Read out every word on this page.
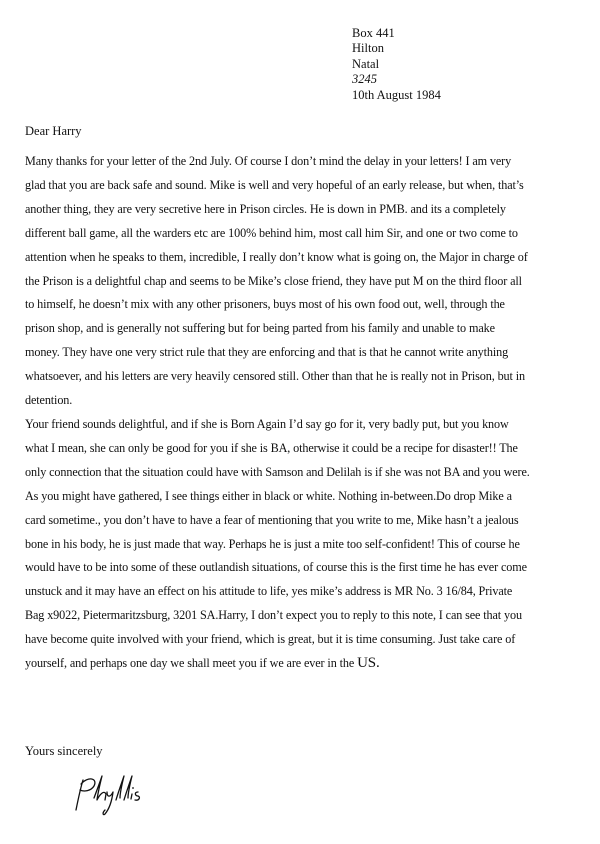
Box 441
Hilton
Natal
3245
10th August 1984
Dear Harry
Many thanks for your letter of the 2nd July. Of course I don’t mind the delay in your letters! I am very
glad that you are back safe and sound. Mike is well and very hopeful of an early release, but when, that’s
another thing, they are very secretive here in Prison circles. He is down in PMB. and its a completely
different ball game, all the warders etc are 100% behind him, most call him Sir, and one or two come to
attention when he speaks to them, incredible, I really don’t know what is going on, the Major in charge of
the Prison is a delightful chap and seems to be Mike’s close friend, they have put M on the third floor all
to himself, he doesn’t mix with any other prisoners, buys most of his own food out, well, through the
prison shop, and is generally not suffering but for being parted from his family and unable to make
money. They have one very strict rule that they are enforcing and that is that he cannot write anything
whatsoever, and his letters are very heavily censored still. Other than that he is really not in Prison, but in
detention.
Your friend sounds delightful, and if she is Born Again I’d say go for it, very badly put, but you know
what I mean, she can only be good for you if she is BA, otherwise it could be a recipe for disaster!! The
only connection that the situation could have with Samson and Delilah is if she was not BA and you were.
As you might have gathered, I see things either in black or white. Nothing in-between.Do drop Mike a
card sometime., you don’t have to have a fear of mentioning that you write to me, Mike hasn’t a jealous
bone in his body, he is just made that way. Perhaps he is just a mite too self-confident! This of course he
would have to be into some of these outlandish situations, of course this is the first time he has ever come
unstuck and it may have an effect on his attitude to life, yes mike’s address is MR No. 3 16/84, Private
Bag x9022, Pietermaritzsburg, 3201 SA.Harry, I don’t expect you to reply to this note, I can see that you
have become quite involved with your friend, which is great, but it is time consuming. Just take care of
yourself, and perhaps one day we shall meet you if we are ever in the US.
Yours sincerely
